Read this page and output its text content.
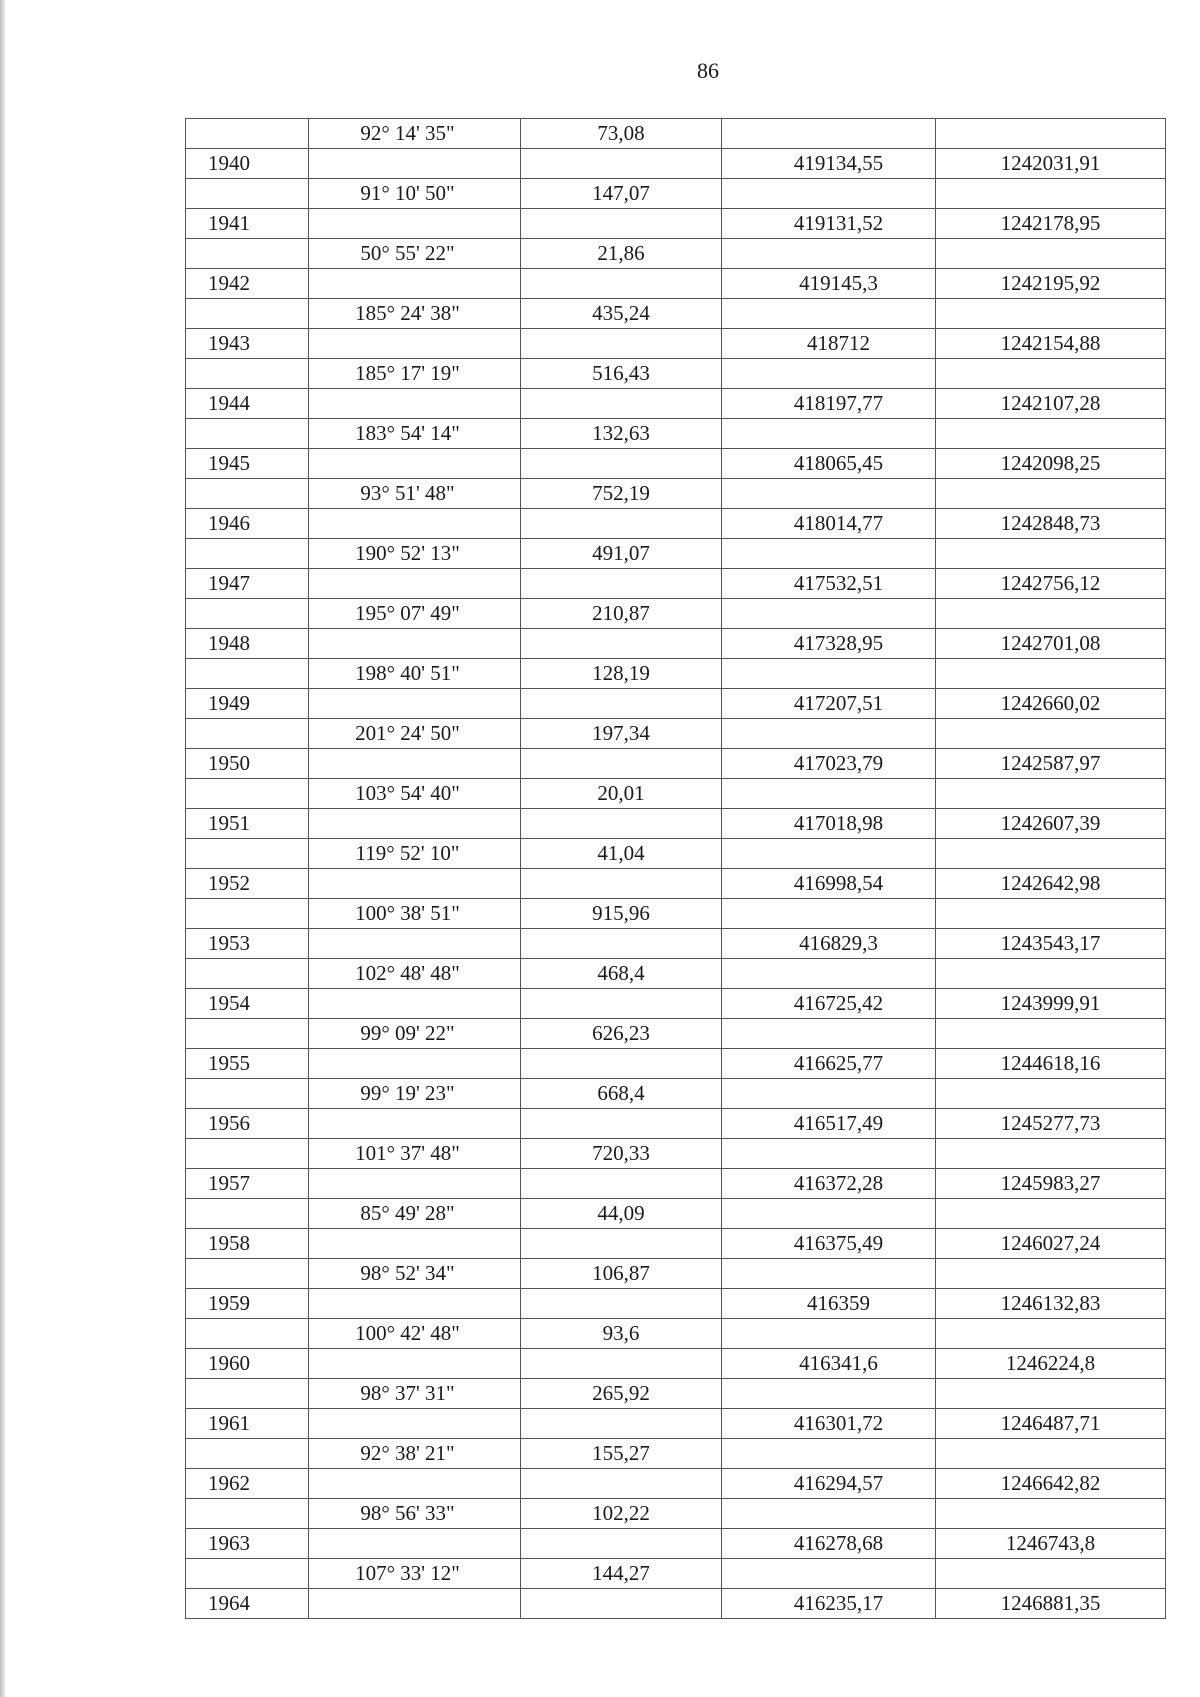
86
	92° 14' 35"	73,08		
1940			419134,55	1242031,91
	91° 10' 50"	147,07		
1941			419131,52	1242178,95
	50° 55' 22"	21,86		
1942			419145,3	1242195,92
	185° 24' 38"	435,24		
1943			418712	1242154,88
	185° 17' 19"	516,43		
1944			418197,77	1242107,28
	183° 54' 14"	132,63		
1945			418065,45	1242098,25
	93° 51' 48"	752,19		
1946			418014,77	1242848,73
	190° 52' 13"	491,07		
1947			417532,51	1242756,12
	195° 07' 49"	210,87		
1948			417328,95	1242701,08
	198° 40' 51"	128,19		
1949			417207,51	1242660,02
	201° 24' 50"	197,34		
1950			417023,79	1242587,97
	103° 54' 40"	20,01		
1951			417018,98	1242607,39
	119° 52' 10"	41,04		
1952			416998,54	1242642,98
	100° 38' 51"	915,96		
1953			416829,3	1243543,17
	102° 48' 48"	468,4		
1954			416725,42	1243999,91
	99° 09' 22"	626,23		
1955			416625,77	1244618,16
	99° 19' 23"	668,4		
1956			416517,49	1245277,73
	101° 37' 48"	720,33		
1957			416372,28	1245983,27
	85° 49' 28"	44,09		
1958			416375,49	1246027,24
	98° 52' 34"	106,87		
1959			416359	1246132,83
	100° 42' 48"	93,6		
1960			416341,6	1246224,8
	98° 37' 31"	265,92		
1961			416301,72	1246487,71
	92° 38' 21"	155,27		
1962			416294,57	1246642,82
	98° 56' 33"	102,22		
1963			416278,68	1246743,8
	107° 33' 12"	144,27		
1964			416235,17	1246881,35
